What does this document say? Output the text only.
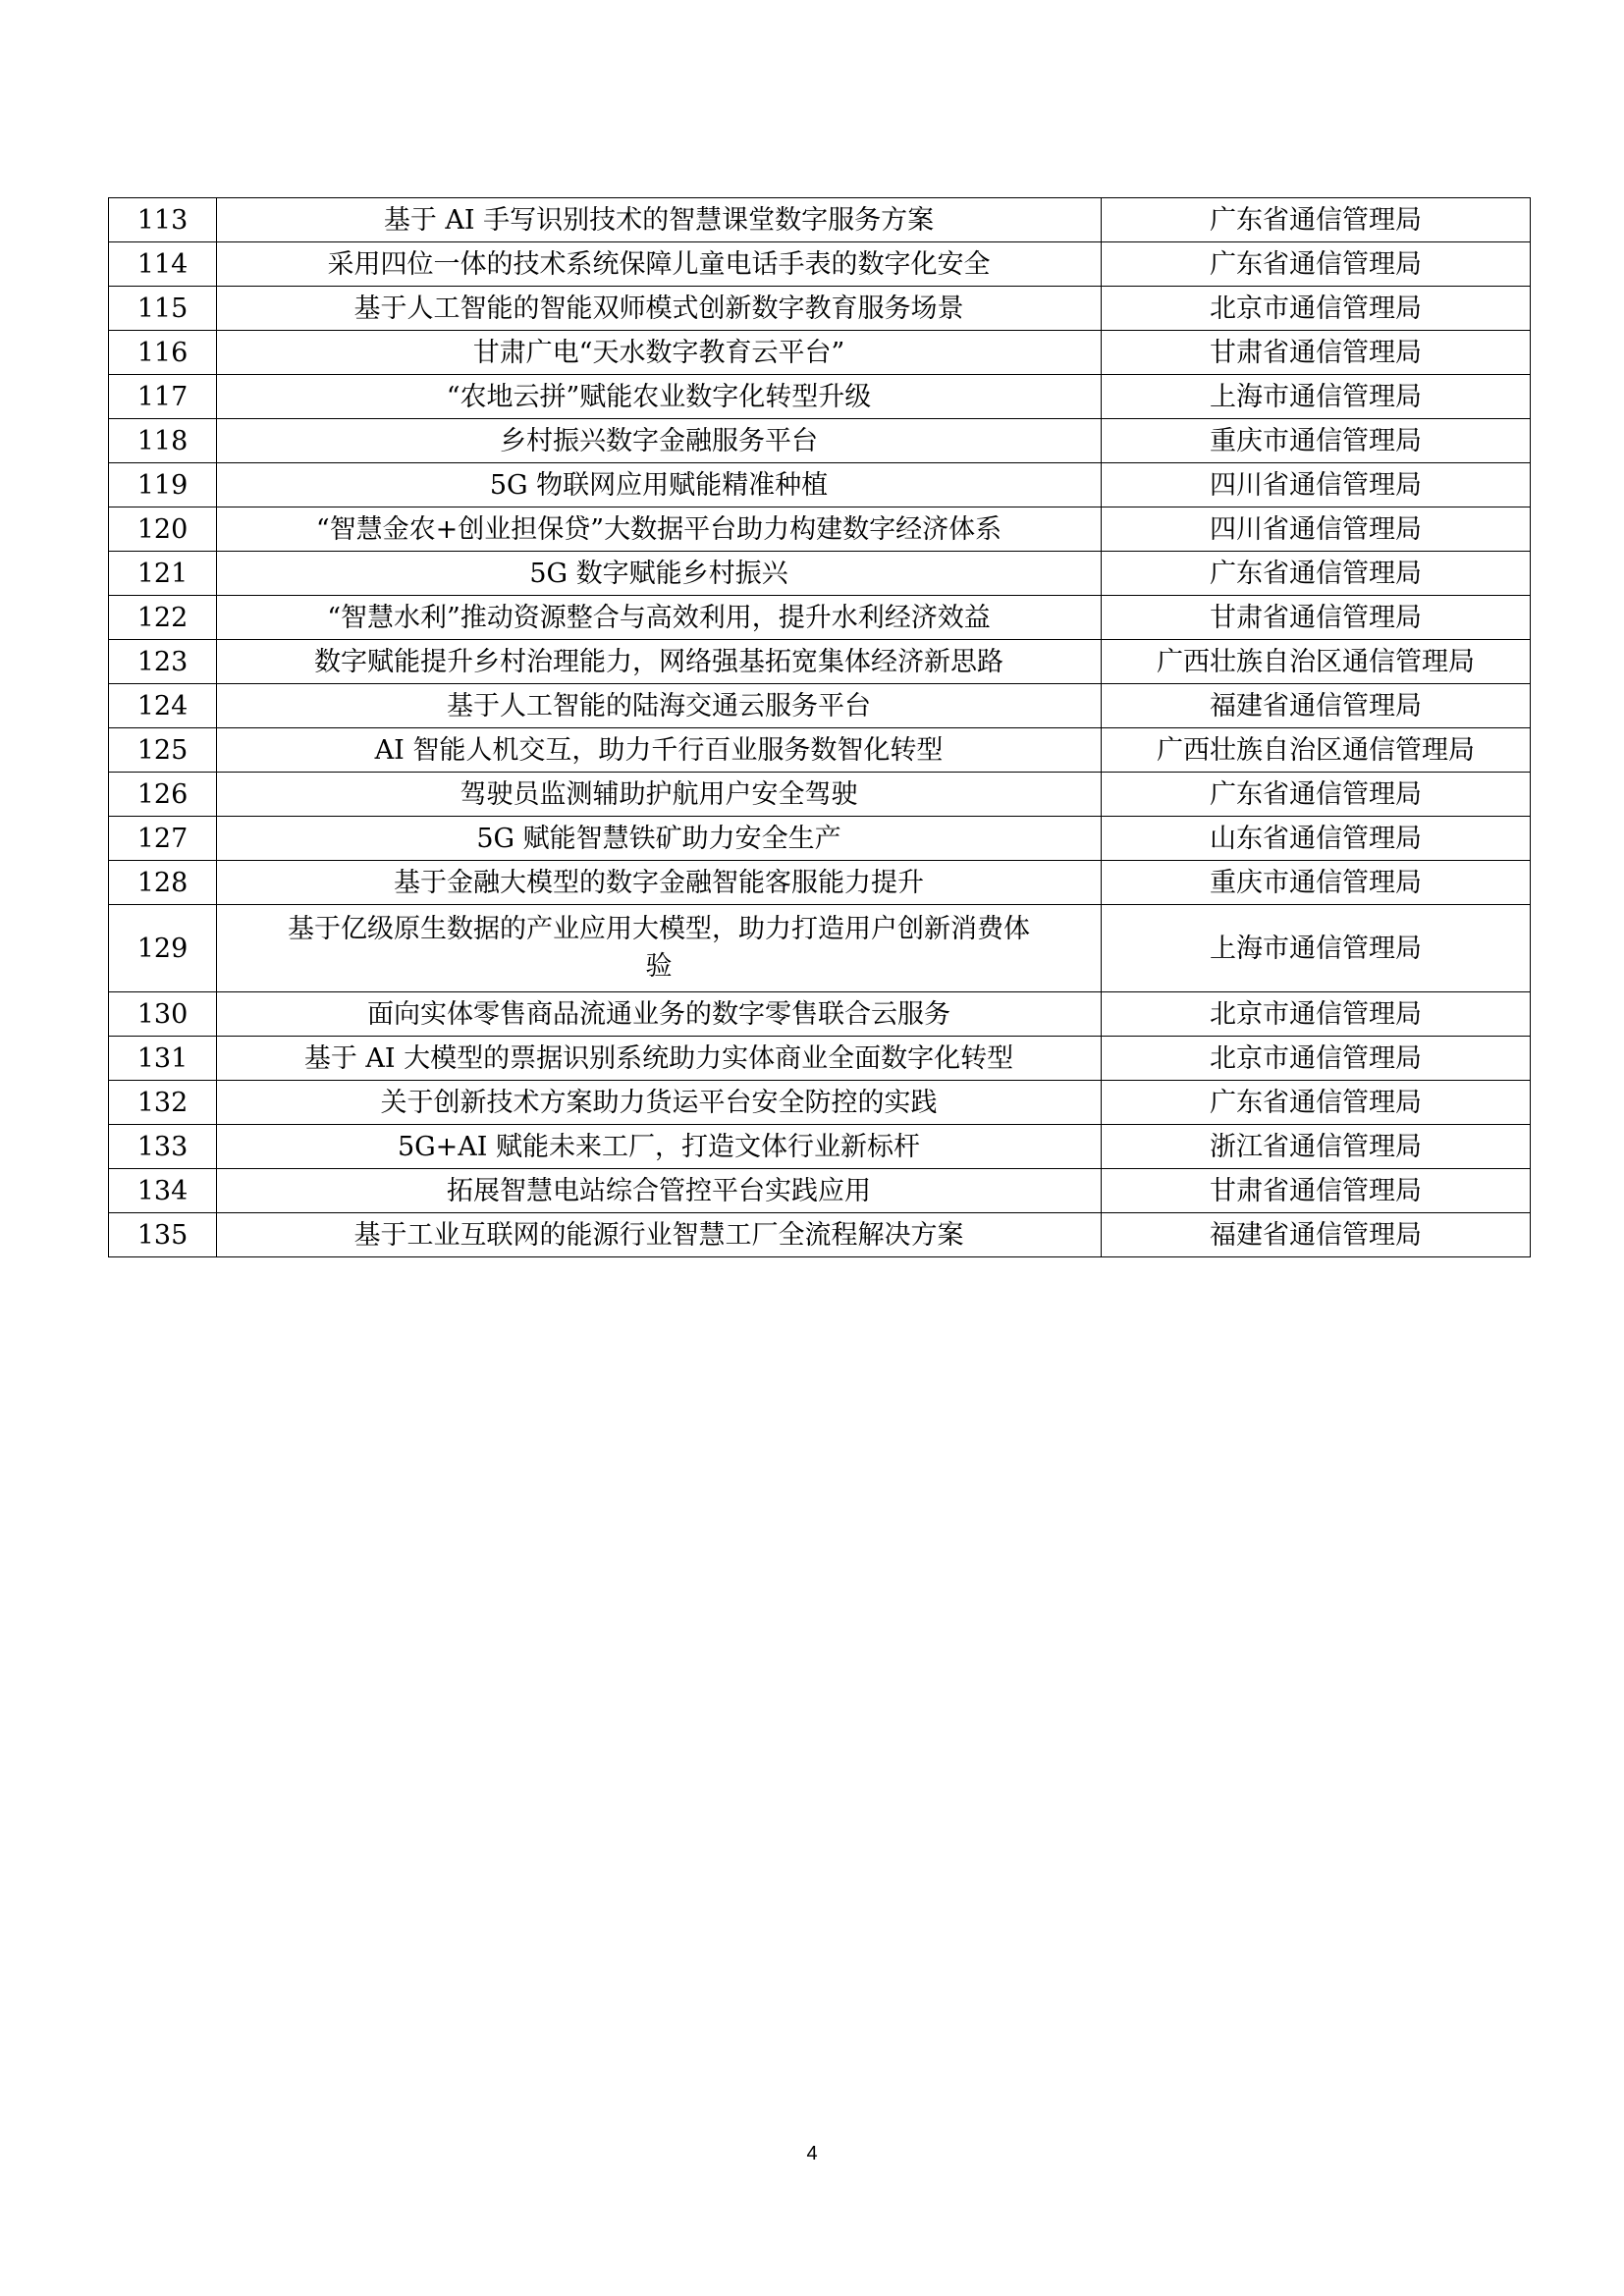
113	基于 AI 手写识别技术的智慧课堂数字服务方案	广东省通信管理局
114	采用四位一体的技术系统保障儿童电话手表的数字化安全	广东省通信管理局
115	基于人工智能的智能双师模式创新数字教育服务场景	北京市通信管理局
116	甘肃广电“天水数字教育云平台”	甘肃省通信管理局
117	“农地云拼”赋能农业数字化转型升级	上海市通信管理局
118	乡村振兴数字金融服务平台	重庆市通信管理局
119	5G 物联网应用赋能精准种植	四川省通信管理局
120	“智慧金农+创业担保贷”大数据平台助力构建数字经济体系	四川省通信管理局
121	5G 数字赋能乡村振兴	广东省通信管理局
122	“智慧水利”推动资源整合与高效利用，提升水利经济效益	甘肃省通信管理局
123	数字赋能提升乡村治理能力，网络强基拓宽集体经济新思路	广西壮族自治区通信管理局
124	基于人工智能的陆海交通云服务平台	福建省通信管理局
125	AI 智能人机交互，助力千行百业服务数智化转型	广西壮族自治区通信管理局
126	驾驶员监测辅助护航用户安全驾驶	广东省通信管理局
127	5G 赋能智慧铁矿助力安全生产	山东省通信管理局
128	基于金融大模型的数字金融智能客服能力提升	重庆市通信管理局
129	基于亿级原生数据的产业应用大模型，助力打造用户创新消费体验	上海市通信管理局
130	面向实体零售商品流通业务的数字零售联合云服务	北京市通信管理局
131	基于 AI 大模型的票据识别系统助力实体商业全面数字化转型	北京市通信管理局
132	关于创新技术方案助力货运平台安全防控的实践	广东省通信管理局
133	5G+AI 赋能未来工厂，打造文体行业新标杆	浙江省通信管理局
134	拓展智慧电站综合管控平台实践应用	甘肃省通信管理局
135	基于工业互联网的能源行业智慧工厂全流程解决方案	福建省通信管理局
4
